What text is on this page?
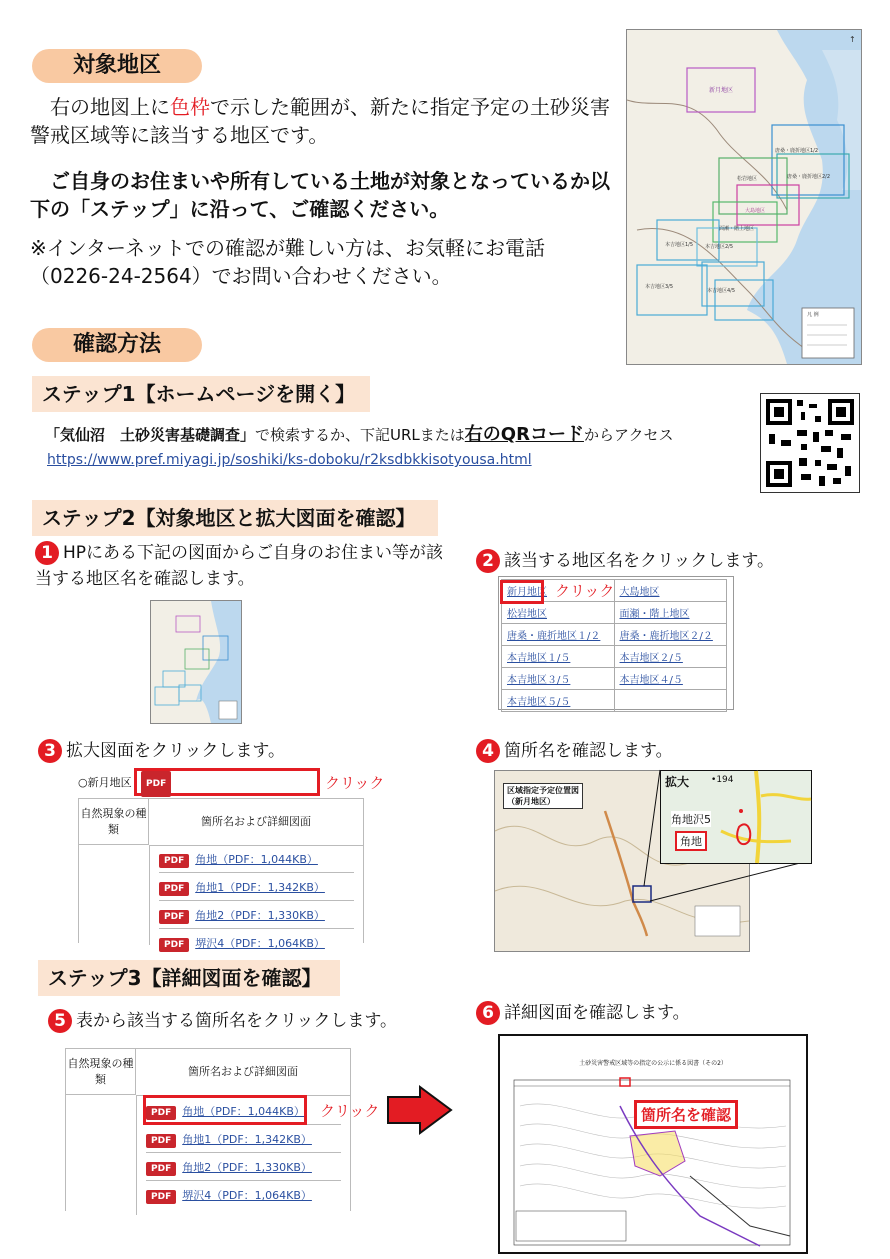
対象地区
右の地図上に色枠で示した範囲が、新たに指定予定の土砂災害警戒区域等に該当する地区です。
ご自身のお住まいや所有している土地が対象となっているか以下の「ステップ」に沿って、ご確認ください。
※インターネットでの確認が難しい方は、お気軽にお電話（0226-24-2564）でお問い合わせください。
新月地区
唐桑・鹿折地区1/2
唐桑・鹿折地区2/2
松岩地区
大島地区
面瀬・階上地区
本吉地区1/5 本吉地区2/5
本吉地区3/5
本吉地区4/5
凡 例
↑
確認方法
ステップ1【ホームページを開く】
「気仙沼　土砂災害基礎調査」で検索するか、下記URLまたは右のQRコードからアクセス
https://www.pref.miyagi.jp/soshiki/ks-doboku/r2ksdbkkisotyousa.html
ステップ2【対象地区と拡大図面を確認】
1 HPにある下記の図面からご自身のお住まい等が該当する地区名を確認します。
2 該当する地区名をクリックします。
新月地区	大島地区
松岩地区	面瀬・階上地区
唐桑・鹿折地区１/２	唐桑・鹿折地区２/２
本吉地区１/５	本吉地区２/５
本吉地区３/５	本吉地区４/５
本吉地区５/５	
クリック
3 拡大図面をクリックします。
○新月地区	PDF	クリック
自然現象の種類
箇所名および詳細図面
PDF 角地（PDF：1,044KB）
PDF 角地1（PDF：1,342KB）
PDF 角地2（PDF：1,330KB）
PDF 堺沢4（PDF：1,064KB）
4 箇所名を確認します。
区域指定予定位置図
（新月地区）
拡大 •194
角地沢5
角地
ステップ3【詳細図面を確認】
5 表から該当する箇所名をクリックします。
自然現象の種類
箇所名および詳細図面
PDF 角地（PDF：1,044KB）
PDF 角地1（PDF：1,342KB）
PDF 角地2（PDF：1,330KB）
PDF 堺沢4（PDF：1,064KB）
クリック
6 詳細図面を確認します。
土砂災害警戒区域等の指定の公示に係る図書（その2）
箇所名を確認
